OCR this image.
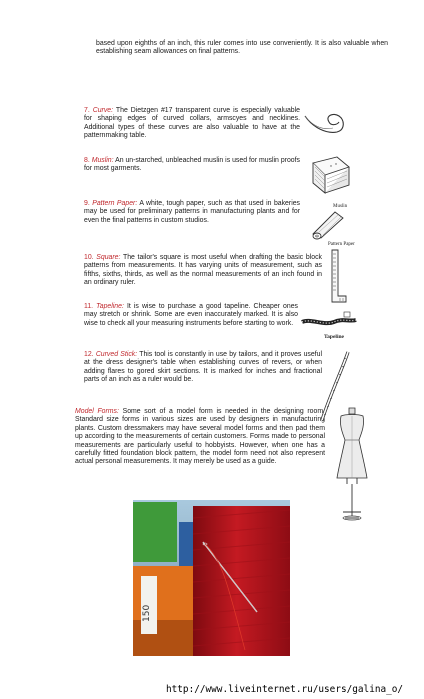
based upon eighths of an inch, this ruler comes into use conveniently. It is also valuable when establishing seam allowances on final patterns.
7. Curve: The Dietzgen #17 transparent curve is especially valuable for shaping edges of curved collars, armscyes and necklines. Additional types of these curves are also valuable to have at the patternmaking table.
8. Muslin: An un-starched, unbleached muslin is used for muslin proofs for most garments.
9. Pattern Paper: A white, tough paper, such as that used in bakeries may be used for preliminary patterns in manufacturing plants and for even the final patterns in custom studios.
10. Square: The tailor's square is most useful when drafting the basic block patterns from measurements. It has varying units of measurement, such as fifths, sixths, thirds, as well as the normal measurements of an inch found in an ordinary ruler.
11. Tapeline: It is wise to purchase a good tapeline. Cheaper ones may stretch or shrink. Some are even inaccurately marked. It is also wise to check all your measuring instruments before starting to work.
12. Curved Stick: This tool is constantly in use by tailors, and it proves useful at the dress designer's table when establishing curves of revers, or when adding flares to gored skirt sections. It is marked for inches and fractional parts of an inch as a ruler would be.
Model Forms: Some sort of a model form is needed in the designing room. Standard size forms in various sizes are used by designers in manufacturing plants. Custom dressmakers may have several model forms and then pad them up according to the measurements of certain customers. Forms made to personal measurements are particularly useful to hobbyists. However, when one has a carefully fitted foundation block pattern, the model form need not also represent actual personal measurements. It may merely be used as a guide.
Muslin
Pattern Paper
Tapeline
150
http://www.liveinternet.ru/users/galina_o/
